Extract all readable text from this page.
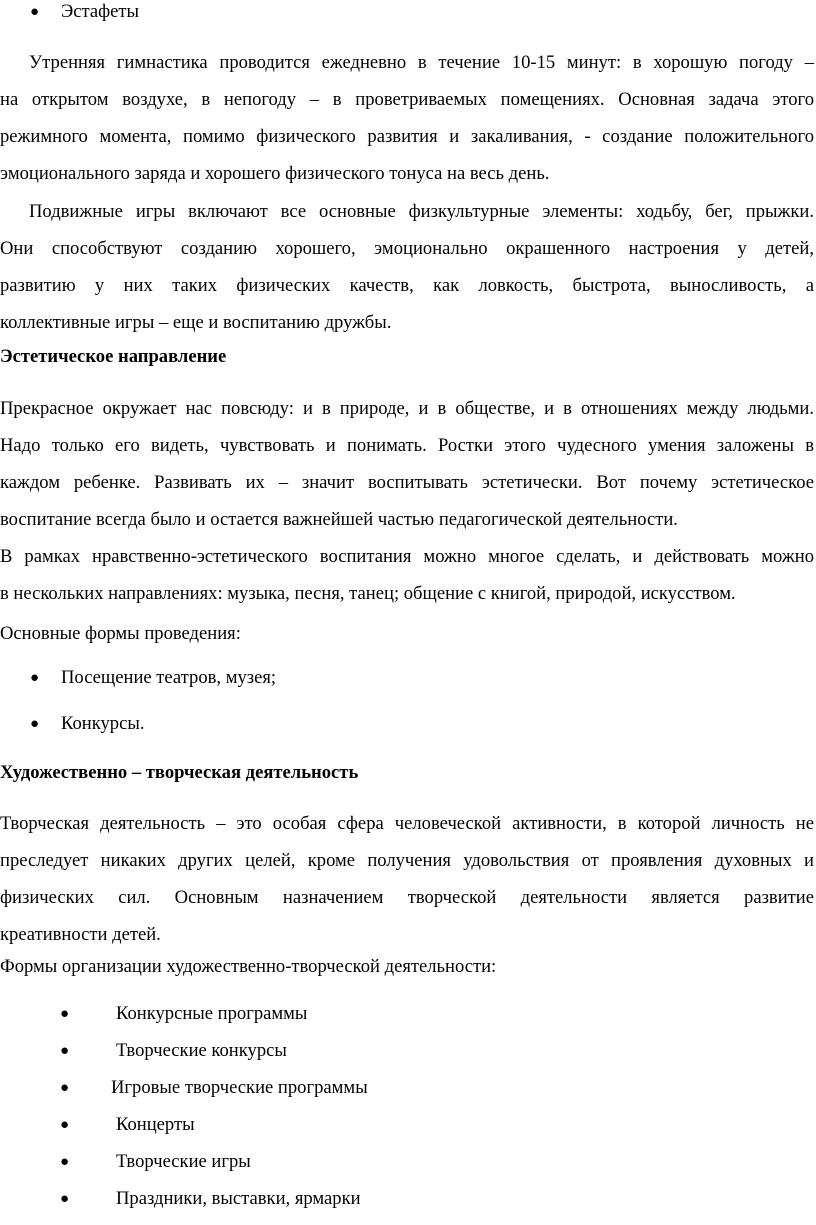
● Эстафеты
Утренняя гимнастика проводится ежедневно в течение 10-15 минут: в хорошую погоду –
на открытом воздухе, в непогоду – в проветриваемых помещениях. Основная задача этого
режимного момента, помимо физического развития и закаливания, - создание положительного
эмоционального заряда и хорошего физического тонуса на весь день.
Подвижные игры включают все основные физкультурные элементы: ходьбу, бег, прыжки.
Они способствуют созданию хорошего, эмоционально окрашенного настроения у детей,
развитию у них таких физических качеств, как ловкость, быстрота, выносливость, а
коллективные игры – еще и воспитанию дружбы.
Эстетическое направление
Прекрасное окружает нас повсюду: и в природе, и в обществе, и в отношениях между людьми.
Надо только его видеть, чувствовать и понимать. Ростки этого чудесного умения заложены в
каждом ребенке. Развивать их – значит воспитывать эстетически. Вот почему эстетическое
воспитание всегда было и остается важнейшей частью педагогической деятельности.
В рамках нравственно-эстетического воспитания можно многое сделать, и действовать можно
в нескольких направлениях: музыка, песня, танец; общение с книгой, природой, искусством.
Основные формы проведения:
● Посещение театров, музея;
● Конкурсы.
Художественно – творческая деятельность
Творческая деятельность – это особая сфера человеческой активности, в которой личность не
преследует никаких других целей, кроме получения удовольствия от проявления духовных и
физических сил. Основным назначением творческой деятельности является развитие
креативности детей.
Формы организации художественно-творческой деятельности:
●	Конкурсные программы
●	Творческие конкурсы
● Игровые творческие программы
●	Концерты
●	Творческие игры
●	Праздники, выставки, ярмарки
